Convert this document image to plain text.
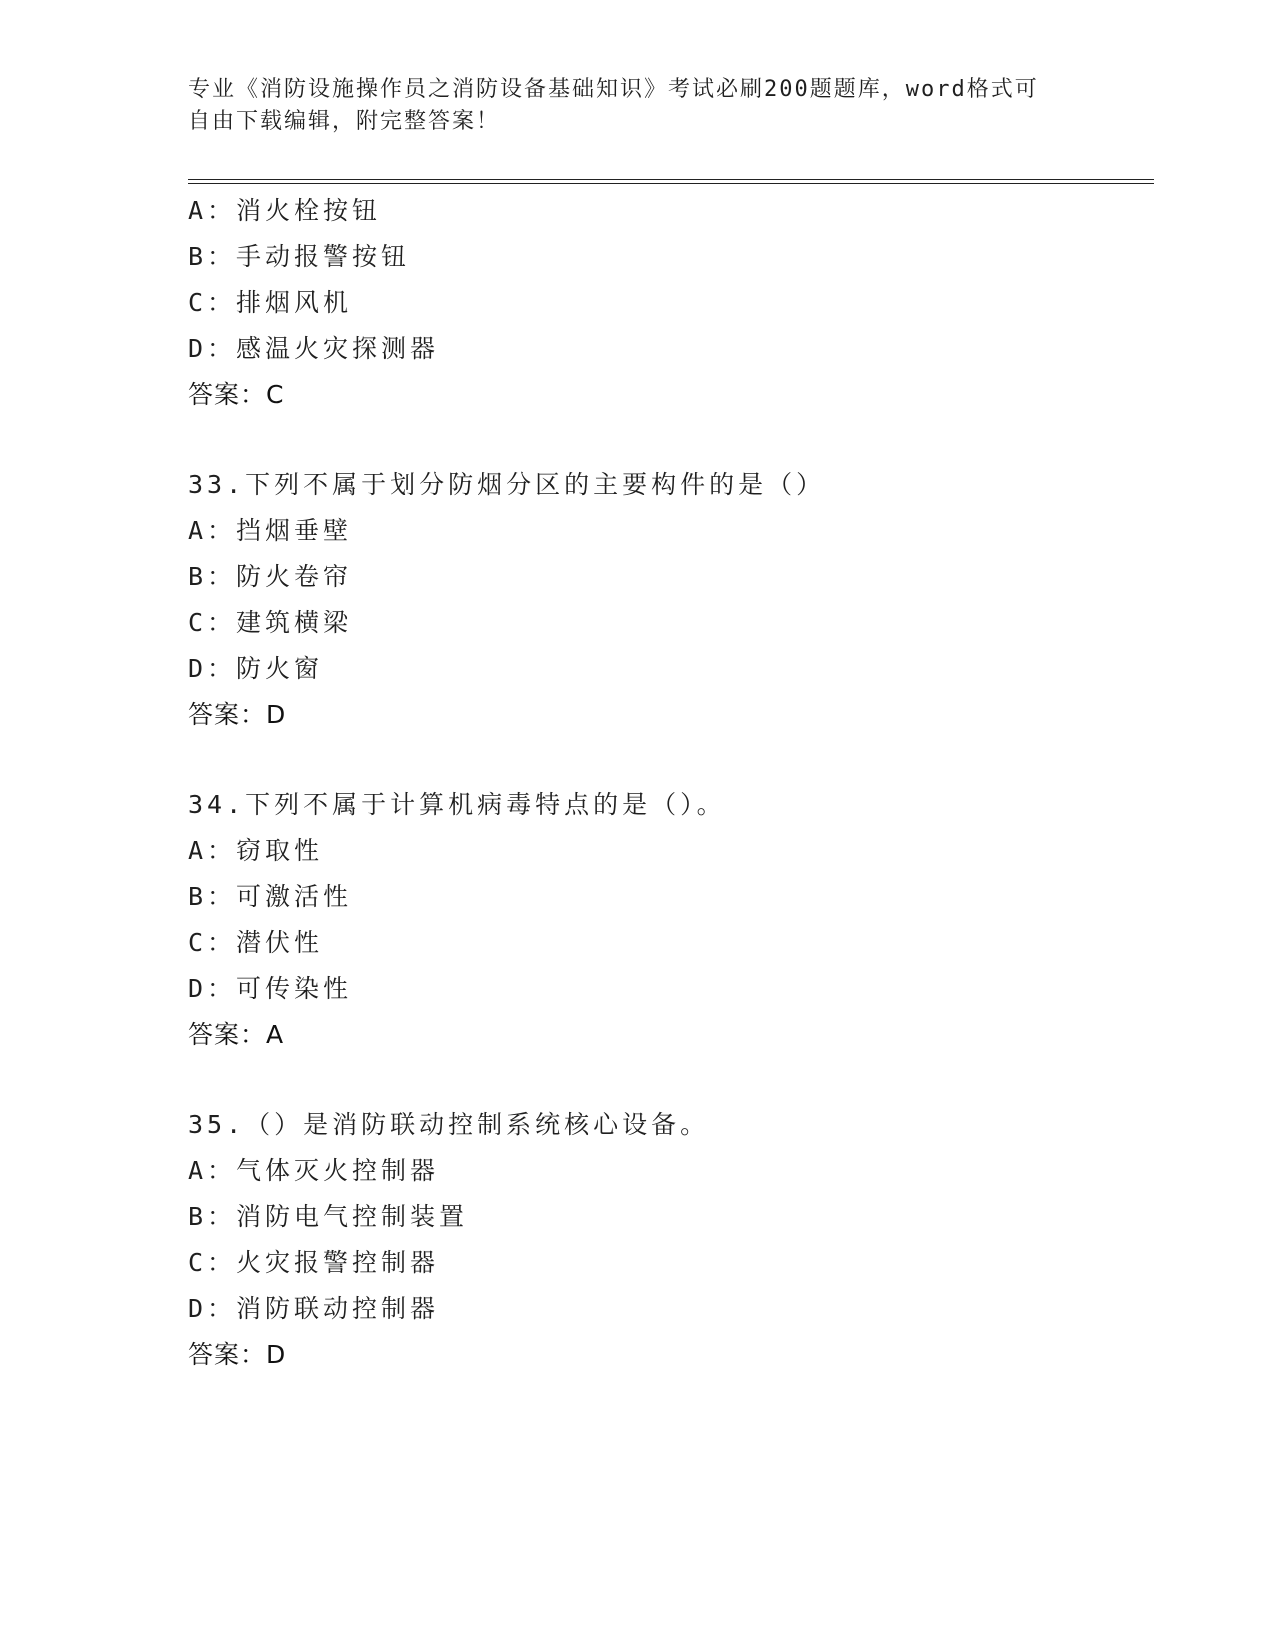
专业《消防设施操作员之消防设备基础知识》考试必刷200题题库，word格式可
自由下载编辑，附完整答案！
A：消火栓按钮
B：手动报警按钮
C：排烟风机
D：感温火灾探测器
答案：C
33.下列不属于划分防烟分区的主要构件的是（）
A：挡烟垂壁
B：防火卷帘
C：建筑横梁
D：防火窗
答案：D
34.下列不属于计算机病毒特点的是（）。
A：窃取性
B：可激活性
C：潜伏性
D：可传染性
答案：A
35.（）是消防联动控制系统核心设备。
A：气体灭火控制器
B：消防电气控制装置
C：火灾报警控制器
D：消防联动控制器
答案：D
